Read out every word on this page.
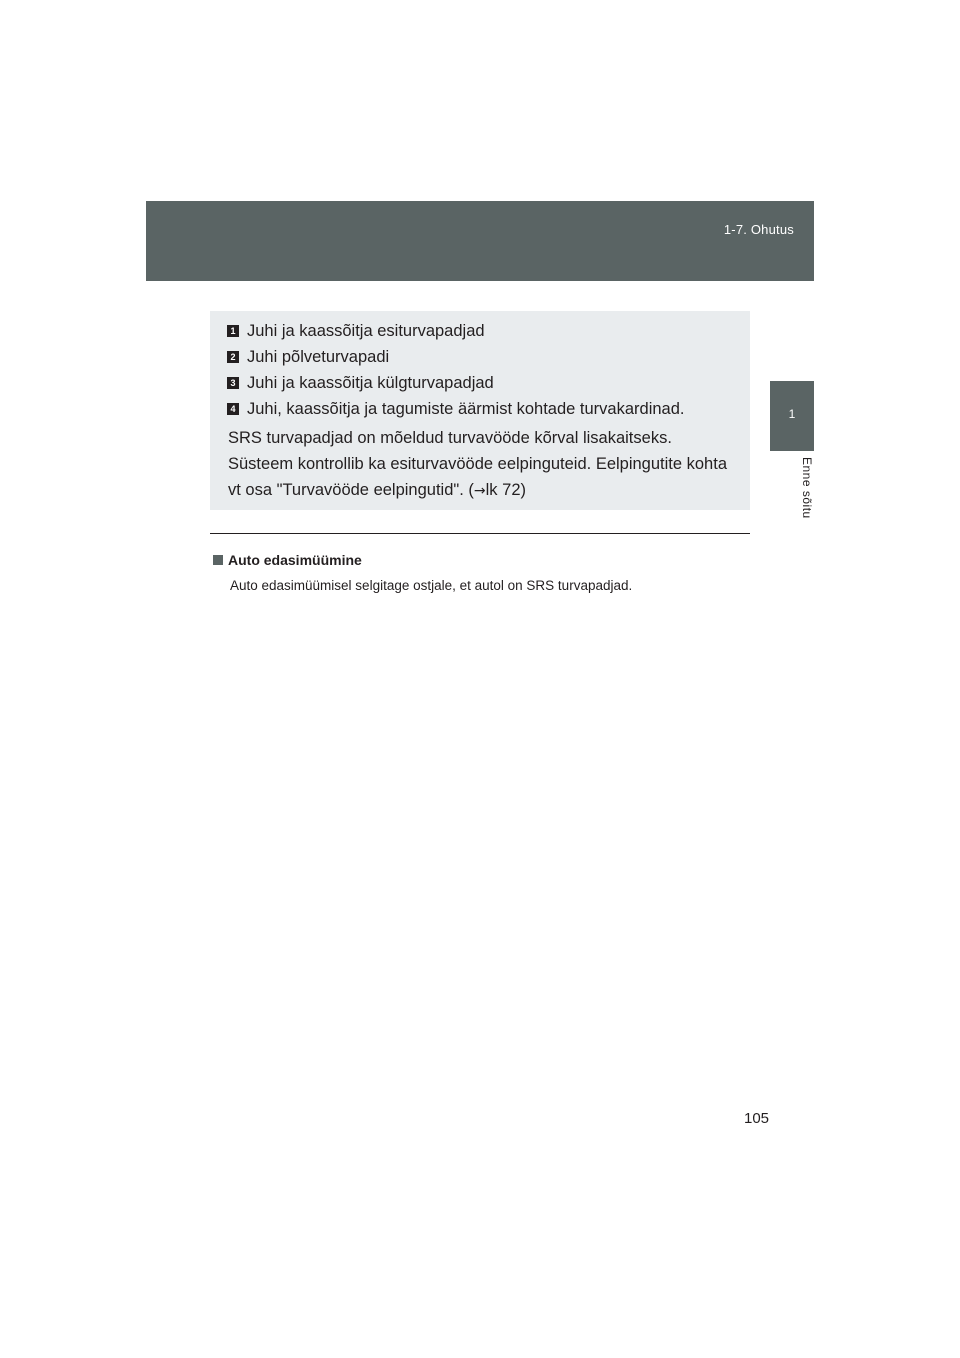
1-7. Ohutus
1
Enne sõitu
1 Juhi ja kaassõitja esiturvapadjad
2 Juhi põlveturvapadi
3 Juhi ja kaassõitja külgturvapadjad
4 Juhi, kaassõitja ja tagumiste äärmist kohtade turvakardinad.
SRS turvapadjad on mõeldud turvavööde kõrval lisakaitseks.
Süsteem kontrollib ka esiturvavööde eelpinguteid. Eelpingutite kohta vt osa "Turvavööde eelpingutid". (→lk 72)
Auto edasimüümine
Auto edasimüümisel selgitage ostjale, et autol on SRS turvapadjad.
105
